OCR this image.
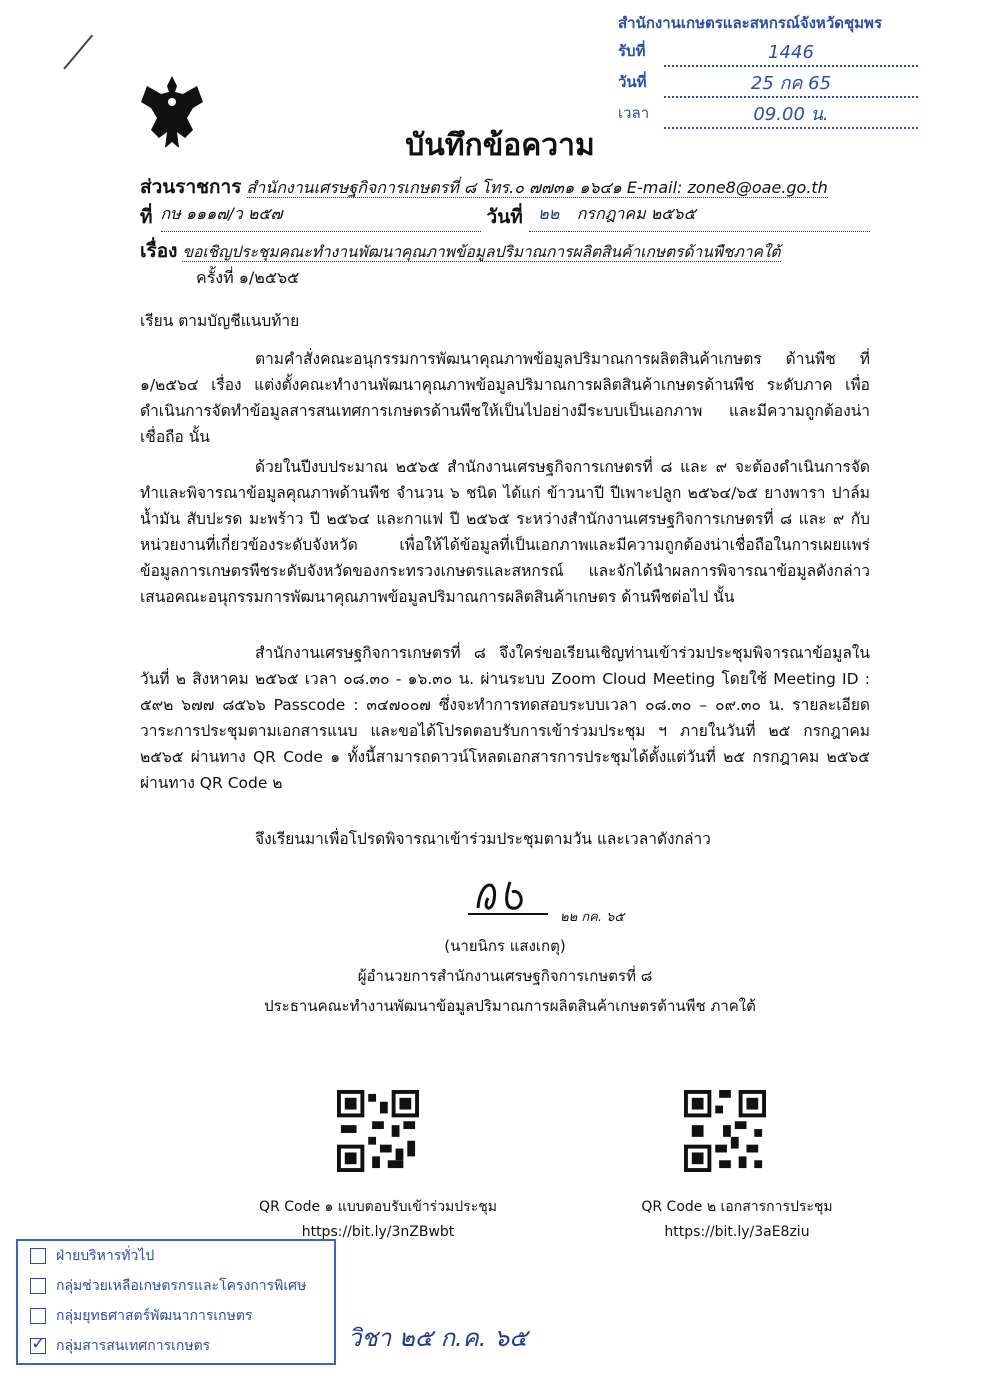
สำนักงานเกษตรและสหกรณ์จังหวัดชุมพร
รับที่	1446
วันที่	25 กค 65
เวลา	09.00 น.
บันทึกข้อความ
ส่วนราชการ สำนักงานเศรษฐกิจการเกษตรที่ ๘ โทร.๐ ๗๗๓๑ ๑๖๔๑ E-mail: zone8@oae.go.th
ที่ กษ ๑๑๑๗/ว ๒๕๗	วันที่ ๒๒	กรกฎาคม ๒๕๖๕
เรื่อง ขอเชิญประชุมคณะทำงานพัฒนาคุณภาพข้อมูลปริมาณการผลิตสินค้าเกษตรด้านพืชภาคใต้
ครั้งที่ ๑/๒๕๖๕
เรียน ตามบัญชีแนบท้าย
ตามคำสั่งคณะอนุกรรมการพัฒนาคุณภาพข้อมูลปริมาณการผลิตสินค้าเกษตร ด้านพืช ที่ ๑/๒๕๖๔ เรื่อง แต่งตั้งคณะทำงานพัฒนาคุณภาพข้อมูลปริมาณการผลิตสินค้าเกษตรด้านพืช ระดับภาค เพื่อดำเนินการจัดทำข้อมูลสารสนเทศการเกษตรด้านพืชให้เป็นไปอย่างมีระบบเป็นเอกภาพ และมีความถูกต้องน่าเชื่อถือ นั้น
ด้วยในปีงบประมาณ ๒๕๖๕ สำนักงานเศรษฐกิจการเกษตรที่ ๘ และ ๙ จะต้องดำเนินการจัดทำและพิจารณาข้อมูลคุณภาพด้านพืช จำนวน ๖ ชนิด ได้แก่ ข้าวนาปี ปีเพาะปลูก ๒๕๖๔/๖๕ ยางพารา ปาล์มน้ำมัน สับปะรด มะพร้าว ปี ๒๕๖๔ และกาแฟ ปี ๒๕๖๕ ระหว่างสำนักงานเศรษฐกิจการเกษตรที่ ๘ และ ๙ กับหน่วยงานที่เกี่ยวข้องระดับจังหวัด เพื่อให้ได้ข้อมูลที่เป็นเอกภาพและมีความถูกต้องน่าเชื่อถือในการเผยแพร่ข้อมูลการเกษตรพืชระดับจังหวัดของกระทรวงเกษตรและสหกรณ์ และจักได้นำผลการพิจารณาข้อมูลดังกล่าวเสนอคณะอนุกรรมการพัฒนาคุณภาพข้อมูลปริมาณการผลิตสินค้าเกษตร ด้านพืชต่อไป นั้น
สำนักงานเศรษฐกิจการเกษตรที่ ๘ จึงใคร่ขอเรียนเชิญท่านเข้าร่วมประชุมพิจารณาข้อมูลในวันที่ ๒ สิงหาคม ๒๕๖๕ เวลา ๐๘.๓๐ - ๑๖.๓๐ น. ผ่านระบบ Zoom Cloud Meeting โดยใช้ Meeting ID : ๕๙๒ ๖๗๗ ๘๕๖๖ Passcode : ๓๔๗๐๐๗ ซึ่งจะทำการทดสอบระบบเวลา ๐๘.๓๐ – ๐๙.๓๐ น. รายละเอียดวาระการประชุมตามเอกสารแนบ และขอได้โปรดตอบรับการเข้าร่วมประชุม ฯ ภายในวันที่ ๒๕ กรกฎาคม ๒๕๖๕ ผ่านทาง QR Code ๑ ทั้งนี้สามารถดาวน์โหลดเอกสารการประชุมได้ตั้งแต่วันที่ ๒๕ กรกฎาคม ๒๕๖๕ ผ่านทาง QR Code ๒
จึงเรียนมาเพื่อโปรดพิจารณาเข้าร่วมประชุมตามวัน และเวลาดังกล่าว
๒๒ กค. ๖๕
(นายนิกร แสงเกตุ)
ผู้อำนวยการสำนักงานเศรษฐกิจการเกษตรที่ ๘
ประธานคณะทำงานพัฒนาข้อมูลปริมาณการผลิตสินค้าเกษตรด้านพืช ภาคใต้
QR Code ๑ แบบตอบรับเข้าร่วมประชุม
https://bit.ly/3nZBwbt
QR Code ๒ เอกสารการประชุม
https://bit.ly/3aE8ziu
ฝ่ายบริหารทั่วไป
กลุ่มช่วยเหลือเกษตรกรและโครงการพิเศษ
กลุ่มยุทธศาสตร์พัฒนาการเกษตร
✓
กลุ่มสารสนเทศการเกษตร	วิชา ๒๕ ก.ค. ๖๕
